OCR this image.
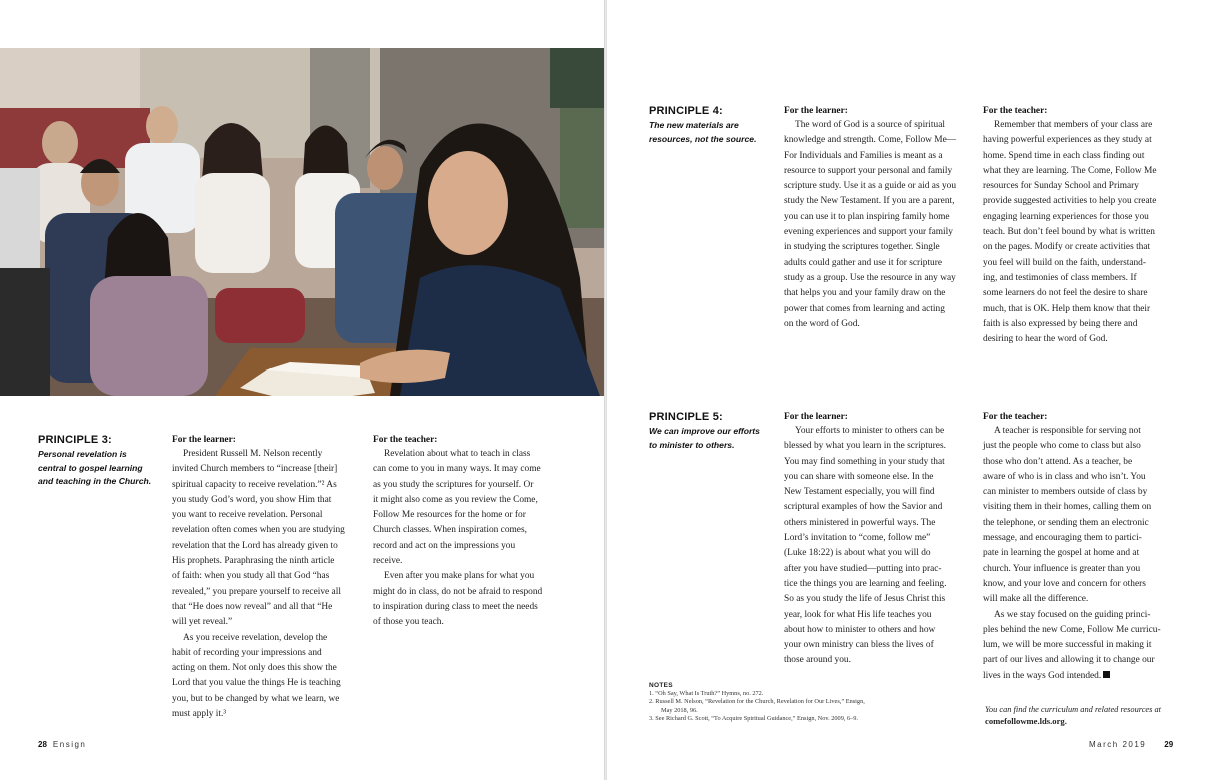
PRINCIPLE 3:

Personal revelation is

central to gospel learning

and teaching in the Church.

For the learner:

President Russell M. Nelson recently

invited Church members to “increase [their]

spiritual capacity to receive revelation.”² As

you study God’s word, you show Him that

you want to receive revelation. Personal

revelation often comes when you are studying

revelation that the Lord has already given to

His prophets. Paraphrasing the ninth article

of faith: when you study all that God “has

revealed,” you prepare yourself to receive all

that “He does now reveal” and all that “He

will yet reveal.”

As you receive revelation, develop the

habit of recording your impressions and

acting on them. Not only does this show the

Lord that you value the things He is teaching

you, but to be changed by what we learn, we

must apply it.³

For the teacher:

Revelation about what to teach in class

can come to you in many ways. It may come

as you study the scriptures for yourself. Or

it might also come as you review the Come,

Follow Me resources for the home or for

Church classes. When inspiration comes,

record and act on the impressions you

receive.

Even after you make plans for what you

might do in class, do not be afraid to respond

to inspiration during class to meet the needs

of those you teach.

28 Ensign

PRINCIPLE 4:

The new materials are

resources, not the source.

For the learner:

The word of God is a source of spiritual

knowledge and strength. Come, Follow Me—

For Individuals and Families is meant as a

resource to support your personal and family

scripture study. Use it as a guide or aid as you

study the New Testament. If you are a parent,

you can use it to plan inspiring family home

evening experiences and support your family

in studying the scriptures together. Single

adults could gather and use it for scripture

study as a group. Use the resource in any way

that helps you and your family draw on the

power that comes from learning and acting

on the word of God.

For the teacher:

Remember that members of your class are

having powerful experiences as they study at

home. Spend time in each class finding out

what they are learning. The Come, Follow Me

resources for Sunday School and Primary

provide suggested activities to help you create

engaging learning experiences for those you

teach. But don’t feel bound by what is written

on the pages. Modify or create activities that

you feel will build on the faith, understand-

ing, and testimonies of class members. If

some learners do not feel the desire to share

much, that is OK. Help them know that their

faith is also expressed by being there and

desiring to hear the word of God.

PRINCIPLE 5:

We can improve our efforts

to minister to others.

For the learner:

Your efforts to minister to others can be

blessed by what you learn in the scriptures.

You may find something in your study that

you can share with someone else. In the

New Testament especially, you will find

scriptural examples of how the Savior and

others ministered in powerful ways. The

Lord’s invitation to “come, follow me”

(Luke 18:22) is about what you will do

after you have studied—putting into prac-

tice the things you are learning and feeling.

So as you study the life of Jesus Christ this

year, look for what His life teaches you

about how to minister to others and how

your own ministry can bless the lives of

those around you.

For the teacher:

A teacher is responsible for serving not

just the people who come to class but also

those who don’t attend. As a teacher, be

aware of who is in class and who isn’t. You

can minister to members outside of class by

visiting them in their homes, calling them on

the telephone, or sending them an electronic

message, and encouraging them to partici-

pate in learning the gospel at home and at

church. Your influence is greater than you

know, and your love and concern for others

will make all the difference.

As we stay focused on the guiding princi-

ples behind the new Come, Follow Me curricu-

lum, we will be more successful in making it

part of our lives and allowing it to change our

lives in the ways God intended.

NOTES

1. “Oh Say, What Is Truth?” Hymns, no. 272.

2. Russell M. Nelson, “Revelation for the Church, Revelation for Our Lives,” Ensign,

May 2018, 96.

3. See Richard G. Scott, “To Acquire Spiritual Guidance,” Ensign, Nov. 2009, 6–9.

You can find the curriculum and related resources at

comefollowme.lds.org.

March 2019 29
